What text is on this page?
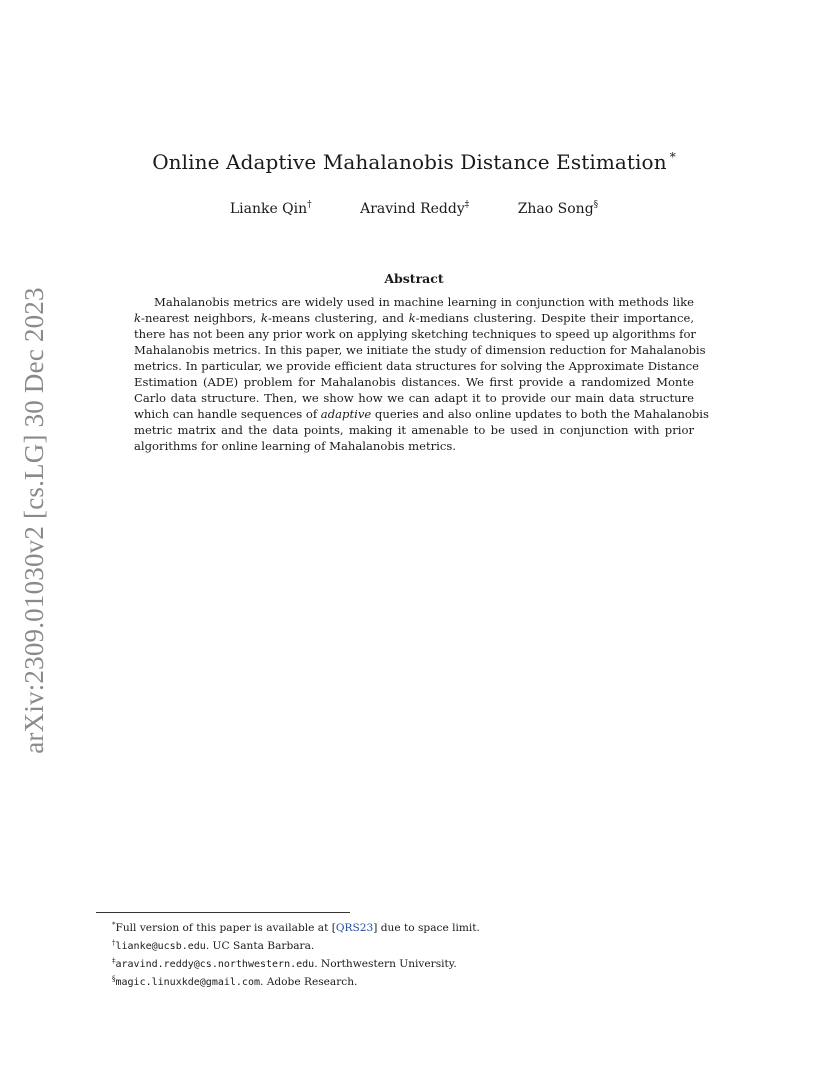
arXiv:2309.01030v2 [cs.LG] 30 Dec 2023
Online Adaptive Mahalanobis Distance Estimation *
Lianke Qin†	Aravind Reddy‡	Zhao Song§
Abstract
Mahalanobis metrics are widely used in machine learning in conjunction with methods like
k-nearest neighbors, k-means clustering, and k-medians clustering. Despite their importance,
there has not been any prior work on applying sketching techniques to speed up algorithms for
Mahalanobis metrics. In this paper, we initiate the study of dimension reduction for Mahalanobis
metrics. In particular, we provide efficient data structures for solving the Approximate Distance
Estimation (ADE) problem for Mahalanobis distances. We first provide a randomized Monte
Carlo data structure. Then, we show how we can adapt it to provide our main data structure
which can handle sequences of adaptive queries and also online updates to both the Mahalanobis
metric matrix and the data points, making it amenable to be used in conjunction with prior
algorithms for online learning of Mahalanobis metrics.
*Full version of this paper is available at [QRS23] due to space limit.
†lianke@ucsb.edu. UC Santa Barbara.
‡aravind.reddy@cs.northwestern.edu. Northwestern University.
§magic.linuxkde@gmail.com. Adobe Research.
